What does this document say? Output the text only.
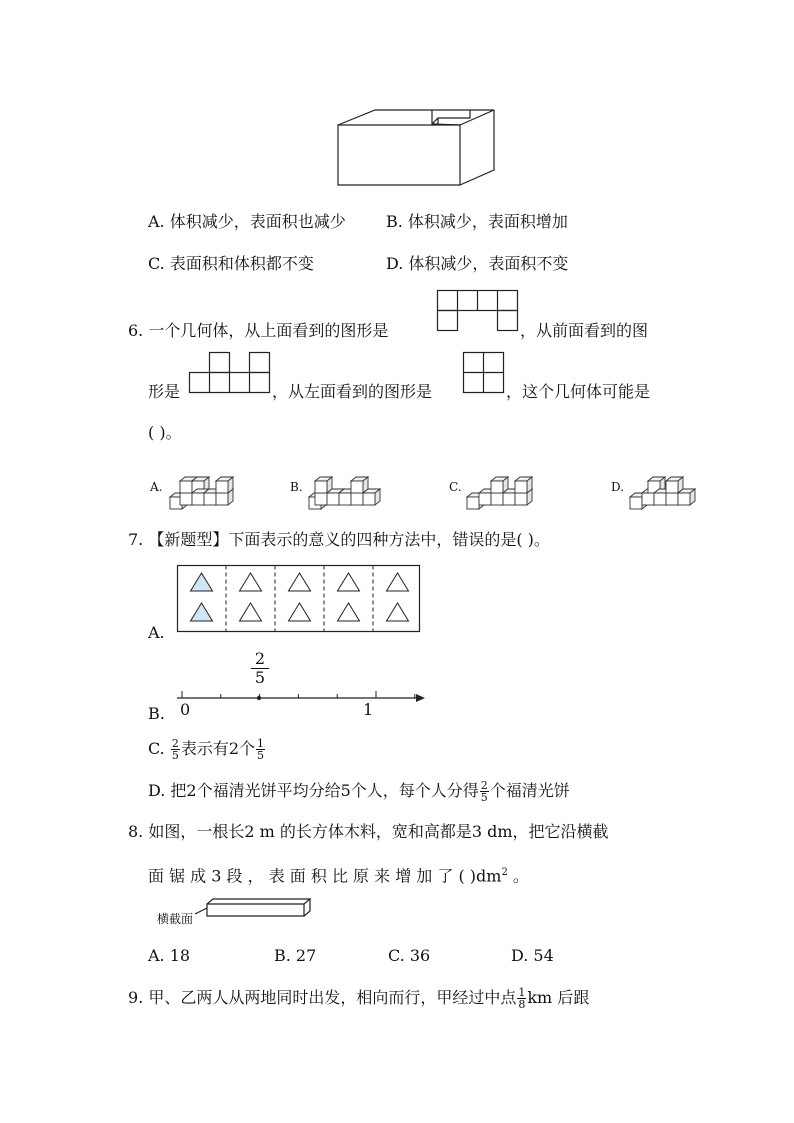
A. 体积减少，表面积也减少	B. 体积减少，表面积增加
C. 表面积和体积都不变	D. 体积减少，表面积不变
6. 一个几何体，从上面看到的图形是	，从前面看到的图
形是	，从左面看到的图形是	，这个几何体可能是
( )。
A.	B.	C.	D.
7. 【新题型】下面表示的意义的四种方法中，错误的是( )。
A.
B.
$\frac{2}{5}$
0	1
C. $\frac{2}{5}$ 表示有2个 $\frac{1}{5}$
D. 把2个福清光饼平均分给5个人，每个人分得 $\frac{2}{5}$ 个福清光饼
8. 如图，一根长2 m 的长方体木料，宽和高都是3 dm，把它沿横截
面 锯 成 3 段 ， 表 面 积 比 原 来 增 加 了 ( )$dm^2$ 。
横截面
A. 18	B. 27	C. 36	D. 54
9. 甲、乙两人从两地同时出发，相向而行，甲经过中点 $\frac{1}{8}$ km 后跟
